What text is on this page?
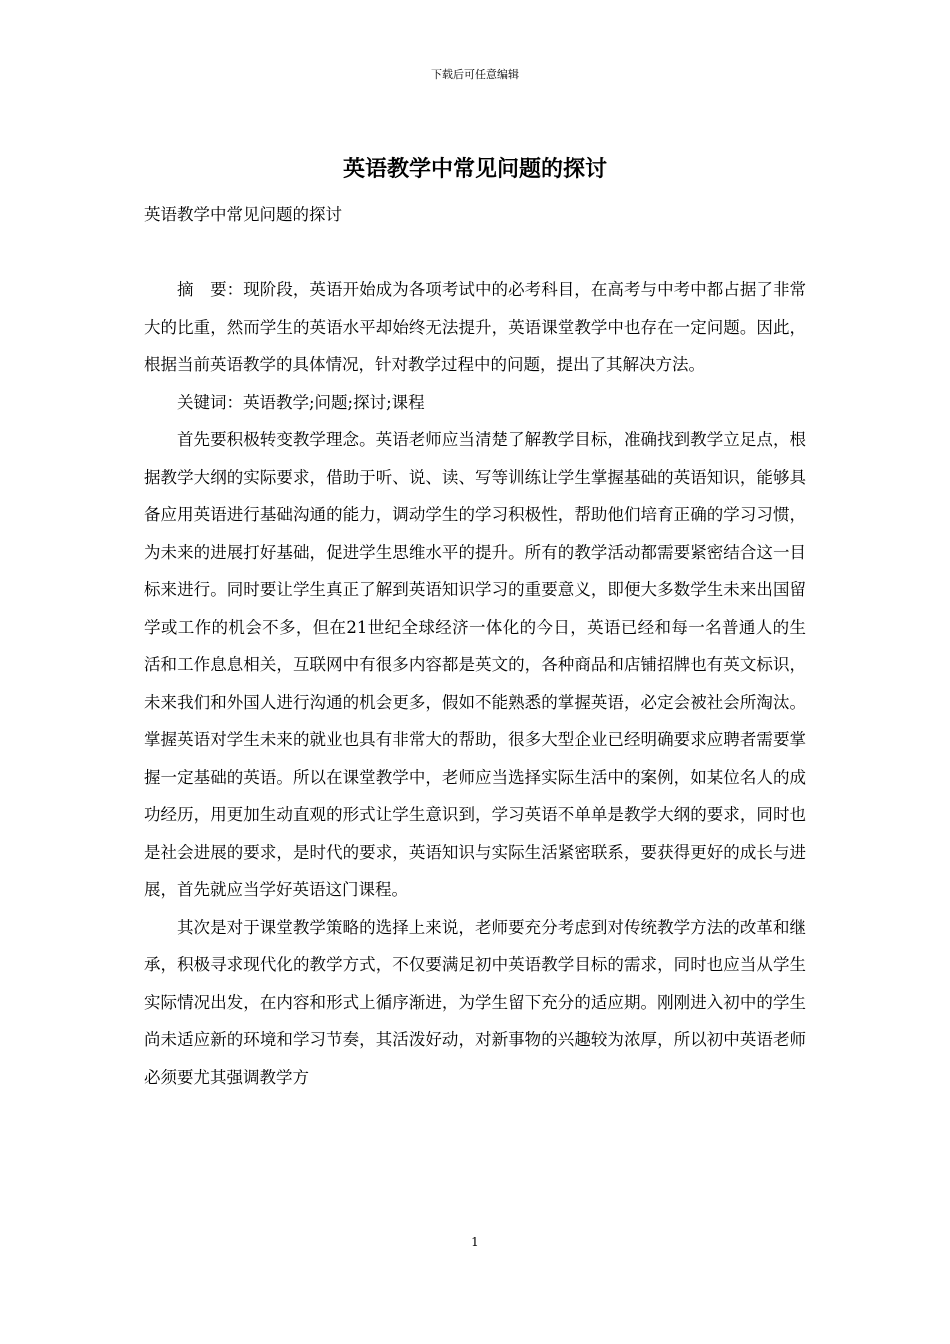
下载后可任意编辑
英语教学中常见问题的探讨

英语教学中常见问题的探讨

摘　要：现阶段，英语开始成为各项考试中的必考科目，在高考与中考中都占据了非常大的比重，然而学生的英语水平却始终无法提升，英语课堂教学中也存在一定问题。因此，根据当前英语教学的具体情况，针对教学过程中的问题，提出了其解决方法。

关键词：英语教学;问题;探讨;课程

首先要积极转变教学理念。英语老师应当清楚了解教学目标，准确找到教学立足点，根据教学大纲的实际要求，借助于听、说、读、写等训练让学生掌握基础的英语知识，能够具备应用英语进行基础沟通的能力，调动学生的学习积极性，帮助他们培育正确的学习习惯，为未来的进展打好基础，促进学生思维水平的提升。所有的教学活动都需要紧密结合这一目标来进行。同时要让学生真正了解到英语知识学习的重要意义，即便大多数学生未来出国留学或工作的机会不多，但在21世纪全球经济一体化的今日，英语已经和每一名普通人的生活和工作息息相关，互联网中有很多内容都是英文的，各种商品和店铺招牌也有英文标识，未来我们和外国人进行沟通的机会更多，假如不能熟悉的掌握英语，必定会被社会所淘汰。掌握英语对学生未来的就业也具有非常大的帮助，很多大型企业已经明确要求应聘者需要掌握一定基础的英语。所以在课堂教学中，老师应当选择实际生活中的案例，如某位名人的成功经历，用更加生动直观的形式让学生意识到，学习英语不单单是教学大纲的要求，同时也是社会进展的要求，是时代的要求，英语知识与实际生活紧密联系，要获得更好的成长与进展，首先就应当学好英语这门课程。

其次是对于课堂教学策略的选择上来说，老师要充分考虑到对传统教学方法的改革和继承，积极寻求现代化的教学方式，不仅要满足初中英语教学目标的需求，同时也应当从学生实际情况出发，在内容和形式上循序渐进，为学生留下充分的适应期。刚刚进入初中的学生尚未适应新的环境和学习节奏，其活泼好动，对新事物的兴趣较为浓厚，所以初中英语老师必须要尤其强调教学方

1
